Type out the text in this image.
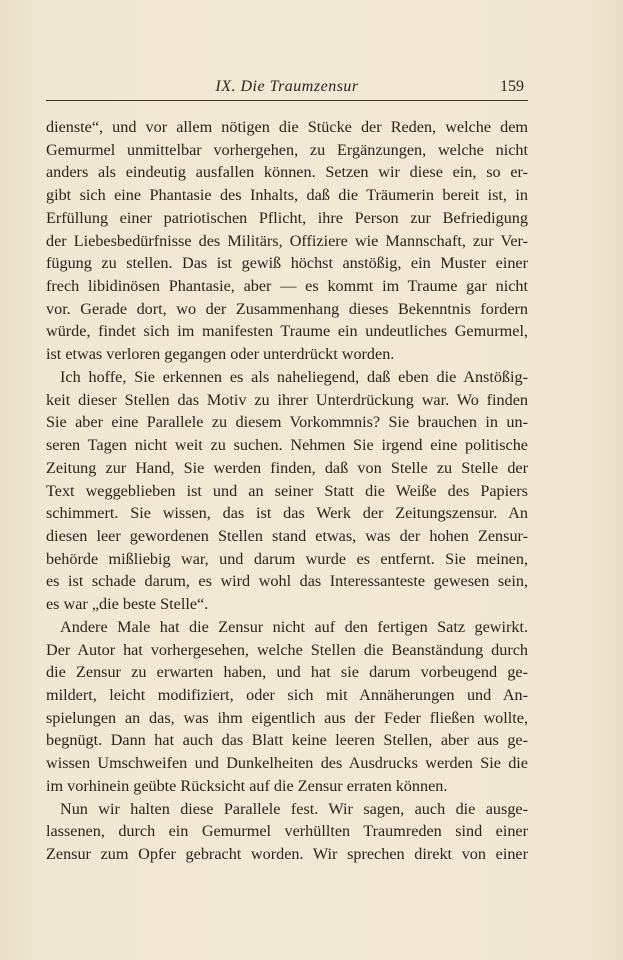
IX. Die Traumzensur	159
dienste“, und vor allem nötigen die Stücke der Reden, welche dem
Gemurmel unmittelbar vorhergehen, zu Ergänzungen, welche nicht
anders als eindeutig ausfallen können. Setzen wir diese ein, so er-
gibt sich eine Phantasie des Inhalts, daß die Träumerin bereit ist, in
Erfüllung einer patriotischen Pflicht, ihre Person zur Befriedigung
der Liebesbedürfnisse des Militärs, Offiziere wie Mannschaft, zur Ver-
fügung zu stellen. Das ist gewiß höchst anstößig, ein Muster einer
frech libidinösen Phantasie, aber — es kommt im Traume gar nicht
vor. Gerade dort, wo der Zusammenhang dieses Bekenntnis fordern
würde, findet sich im manifesten Traume ein undeutliches Gemurmel,
ist etwas verloren gegangen oder unterdrückt worden.
Ich hoffe, Sie erkennen es als naheliegend, daß eben die Anstößig-
keit dieser Stellen das Motiv zu ihrer Unterdrückung war. Wo finden
Sie aber eine Parallele zu diesem Vorkommnis? Sie brauchen in un-
seren Tagen nicht weit zu suchen. Nehmen Sie irgend eine politische
Zeitung zur Hand, Sie werden finden, daß von Stelle zu Stelle der
Text weggeblieben ist und an seiner Statt die Weiße des Papiers
schimmert. Sie wissen, das ist das Werk der Zeitungszensur. An
diesen leer gewordenen Stellen stand etwas, was der hohen Zensur-
behörde mißliebig war, und darum wurde es entfernt. Sie meinen,
es ist schade darum, es wird wohl das Interessanteste gewesen sein,
es war „die beste Stelle“.
Andere Male hat die Zensur nicht auf den fertigen Satz gewirkt.
Der Autor hat vorhergesehen, welche Stellen die Beanständung durch
die Zensur zu erwarten haben, und hat sie darum vorbeugend ge-
mildert, leicht modifiziert, oder sich mit Annäherungen und An-
spielungen an das, was ihm eigentlich aus der Feder fließen wollte,
begnügt. Dann hat auch das Blatt keine leeren Stellen, aber aus ge-
wissen Umschweifen und Dunkelheiten des Ausdrucks werden Sie die
im vorhinein geübte Rücksicht auf die Zensur erraten können.
Nun wir halten diese Parallele fest. Wir sagen, auch die ausge-
lassenen, durch ein Gemurmel verhüllten Traumreden sind einer
Zensur zum Opfer gebracht worden. Wir sprechen direkt von einer
